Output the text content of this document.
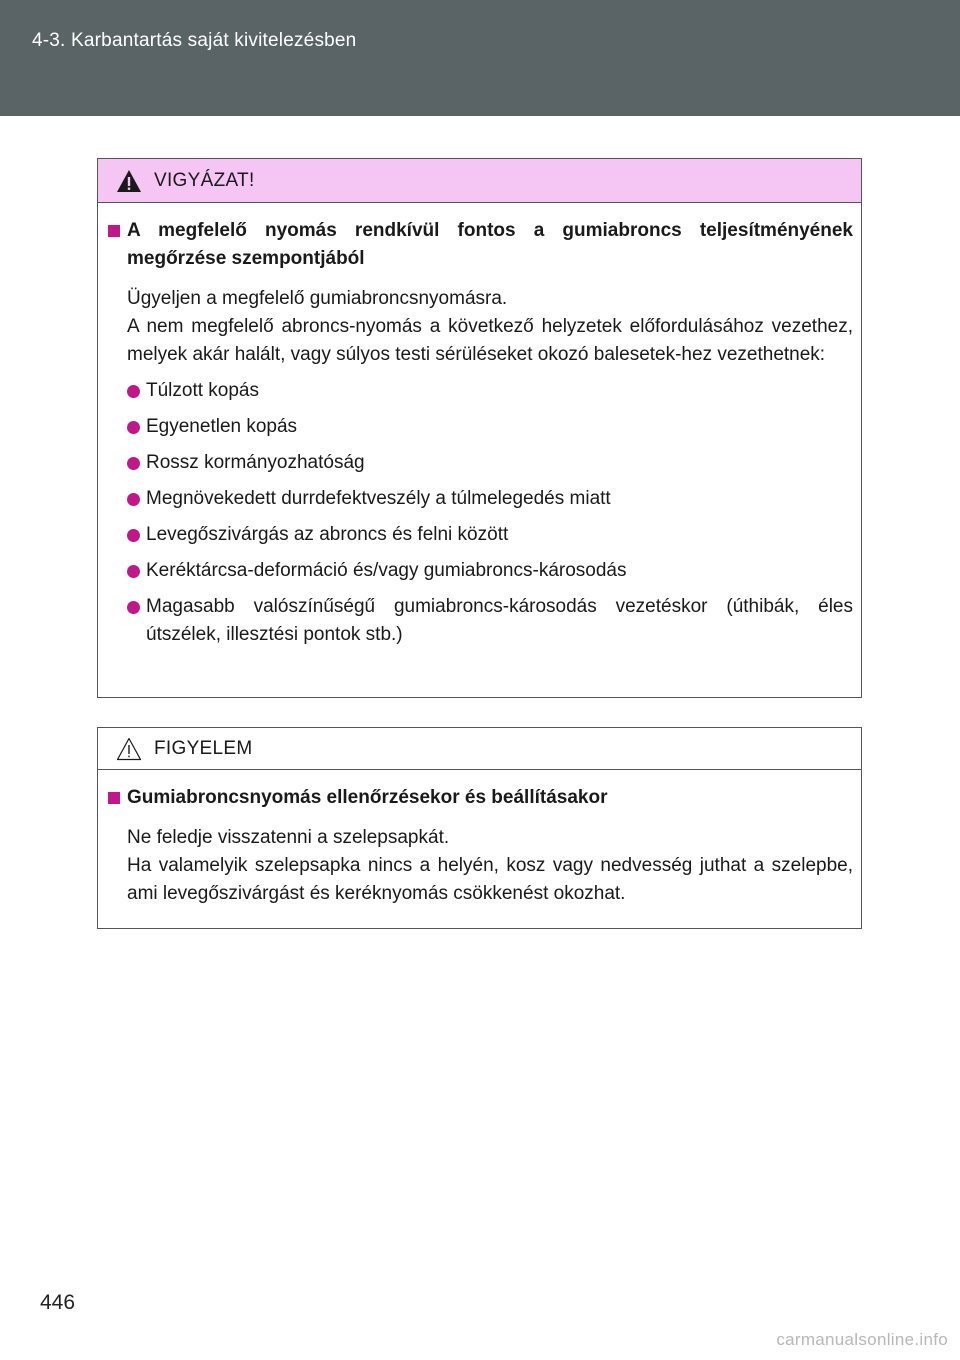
4-3. Karbantartás saját kivitelezésben
VIGYÁZAT!
A megfelelő nyomás rendkívül fontos a gumiabroncs teljesítményének megőrzése szempontjából

Ügyeljen a megfelelő gumiabroncsnyomásra.

A nem megfelelő abroncs-nyomás a következő helyzetek előfordulásához vezethez, melyek akár halált, vagy súlyos testi sérüléseket okozó balesetek-hez vezethetnek:

Túlzott kopás
Egyenetlen kopás
Rossz kormányozhatóság
Megnövekedett durrdefektveszély a túlmelegedés miatt
Levegőszivárgás az abroncs és felni között
Keréktárcsa-deformáció és/vagy gumiabroncs-károsodás
Magasabb valószínűségű gumiabroncs-károsodás vezetéskor (úthibák, éles útszélek, illesztési pontok stb.)
FIGYELEM
Gumiabroncsnyomás ellenőrzésekor és beállításakor

Ne feledje visszatenni a szelepsapkát.

Ha valamelyik szelepsapka nincs a helyén, kosz vagy nedvesség juthat a szelepbe, ami levegőszivárgást és keréknyomás csökkenést okozhat.

446
carmanualsonline.info
